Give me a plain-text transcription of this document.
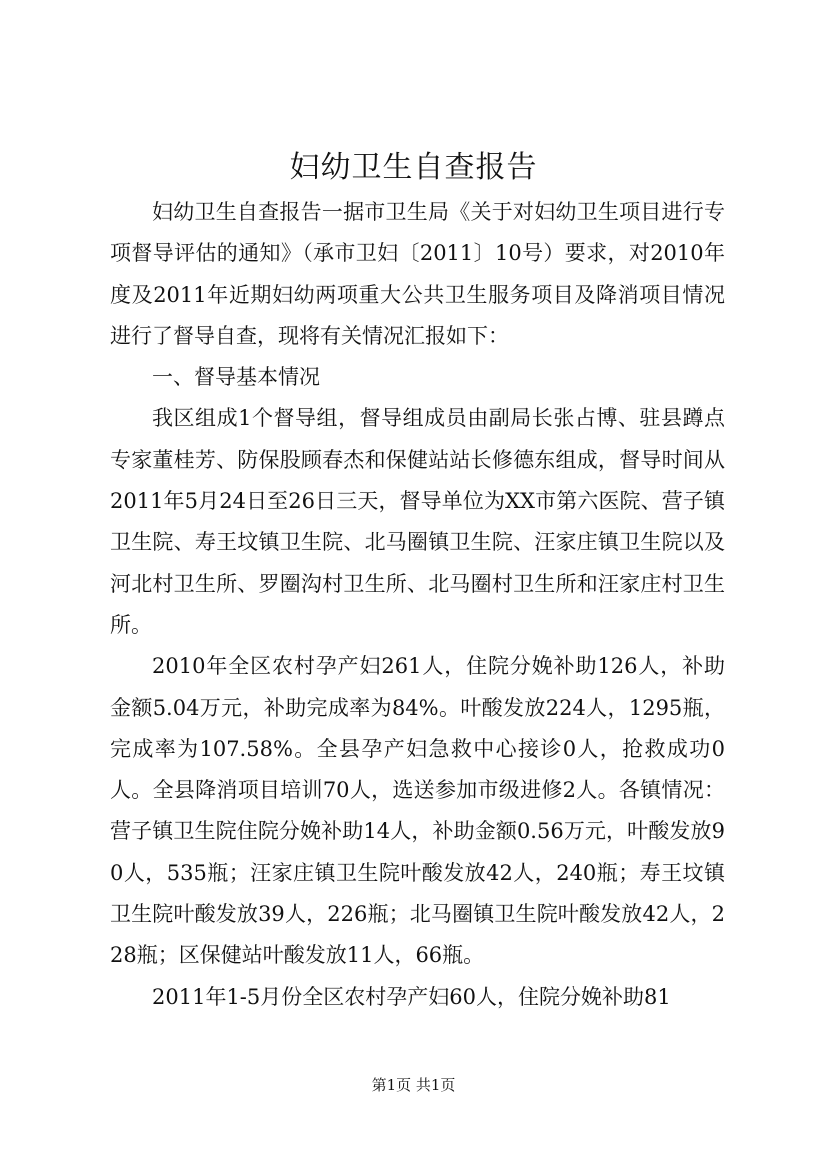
妇幼卫生自查报告

妇幼卫生自查报告一据市卫生局《关于对妇幼卫生项目进行专项督导评估的通知》（承市卫妇〔2011〕10号）要求，对2010年度及2011年近期妇幼两项重大公共卫生服务项目及降消项目情况进行了督导自查，现将有关情况汇报如下：

一、督导基本情况

我区组成1个督导组，督导组成员由副局长张占博、驻县蹲点专家董桂芳、防保股顾春杰和保健站站长修德东组成，督导时间从2011年5月24日至26日三天，督导单位为XX市第六医院、营子镇卫生院、寿王坟镇卫生院、北马圈镇卫生院、汪家庄镇卫生院以及河北村卫生所、罗圈沟村卫生所、北马圈村卫生所和汪家庄村卫生所。

2010年全区农村孕产妇261人，住院分娩补助126人，补助金额5.04万元，补助完成率为84%。叶酸发放224人，1295瓶，完成率为107.58%。全县孕产妇急救中心接诊0人，抢救成功0人。全县降消项目培训70人，选送参加市级进修2人。各镇情况：营子镇卫生院住院分娩补助14人，补助金额0.56万元，叶酸发放90人，535瓶；汪家庄镇卫生院叶酸发放42人，240瓶；寿王坟镇卫生院叶酸发放39人，226瓶；北马圈镇卫生院叶酸发放42人，228瓶；区保健站叶酸发放11人，66瓶。

2011年1-5月份全区农村孕产妇60人，住院分娩补助81

第1页 共1页
